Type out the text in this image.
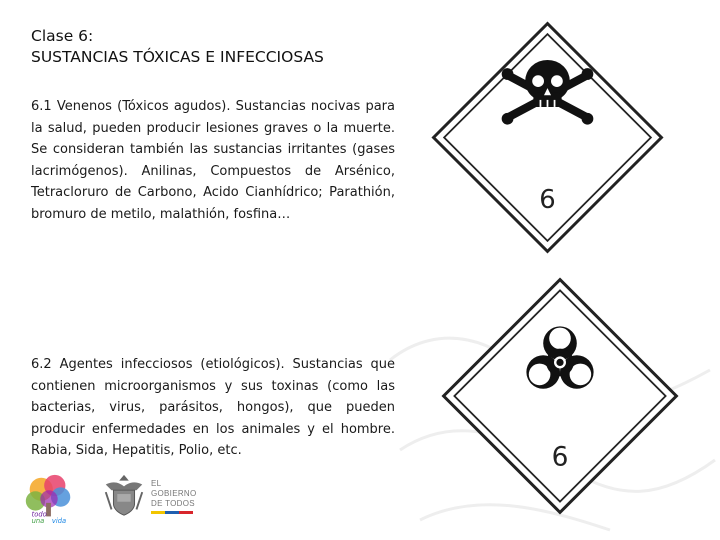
Clase 6:
SUSTANCIAS TÓXICAS E INFECCIOSAS
6.1 Venenos (Tóxicos agudos). Sustancias nocivas para la salud, pueden producir lesiones graves o la muerte. Se consideran también las sustancias irritantes (gases lacrimógenos). Anilinas, Compuestos de Arsénico, Tetracloruro de Carbono, Acido Cianhídrico; Parathión, bromuro de metilo, malathión, fosfina…
6.2 Agentes infecciosos (etiológicos). Sustancias que contienen microorganismos y sus toxinas (como las bacterias, virus, parásitos, hongos), que pueden producir enfermedades en los animales y el hombre. Rabia, Sida, Hepatitis, Polio, etc.
6
6
todo
una vida
EL
GOBIERNO
DE TODOS
